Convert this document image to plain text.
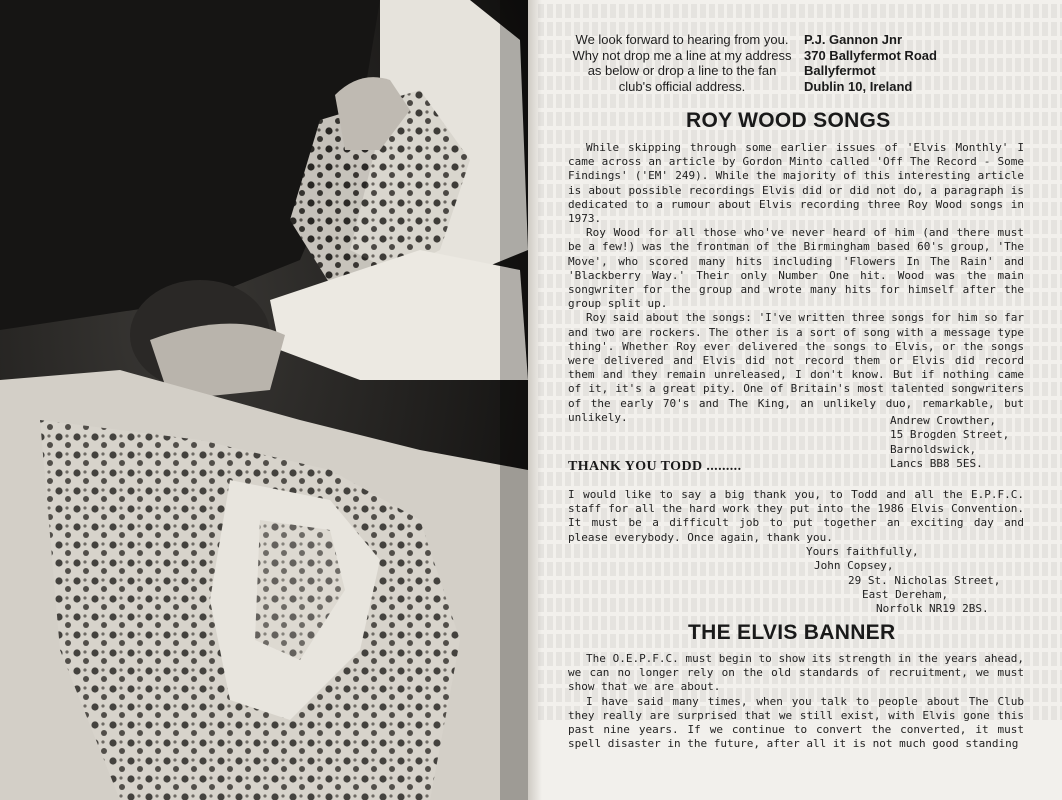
We look forward to hearing from you. Why not drop me a line at my address as below or drop a line to the fan club's official address.
P.J. Gannon Jnr
370 Ballyfermot Road
Ballyfermot
Dublin 10, Ireland
ROY WOOD SONGS

While skipping through some earlier issues of 'Elvis Monthly' I came across an article by Gordon Minto called 'Off The Record - Some Findings' ('EM' 249). While the majority of this interesting article is about possible recordings Elvis did or did not do, a paragraph is dedicated to a rumour about Elvis recording three Roy Wood songs in 1973.

Roy Wood for all those who've never heard of him (and there must be a few!) was the frontman of the Birmingham based 60's group, 'The Move', who scored many hits including 'Flowers In The Rain' and 'Blackberry Way.' Their only Number One hit. Wood was the main songwriter for the group and wrote many hits for himself after the group split up.

Roy said about the songs: 'I've written three songs for him so far and two are rockers. The other is a sort of song with a message type thing'. Whether Roy ever delivered the songs to Elvis, or the songs were delivered and Elvis did not record them or Elvis did record them and they remain unreleased, I don't know. But if nothing came of it, it's a great pity. One of Britain's most talented songwriters of the early 70's and The King, an unlikely duo, remarkable, but unlikely.	Andrew Crowther,
15 Brogden Street,
Barnoldswick,
Lancs BB8 5ES.
THANK YOU TODD .........

I would like to say a big thank you, to Todd and all the E.P.F.C. staff for all the hard work they put into the 1986 Elvis Convention. It must be a difficult job to put together an exciting day and please everybody. Once again, thank you.

Yours faithfully,
John Copsey,
29 St. Nicholas Street,
East Dereham,
Norfolk NR19 2BS.
THE ELVIS BANNER

The O.E.P.F.C. must begin to show its strength in the years ahead, we can no longer rely on the old standards of recruitment, we must show that we are about.

I have said many times, when you talk to people about The Club they really are surprised that we still exist, with Elvis gone this past nine years. If we continue to convert the converted, it must spell disaster in the future, after all it is not much good standing
